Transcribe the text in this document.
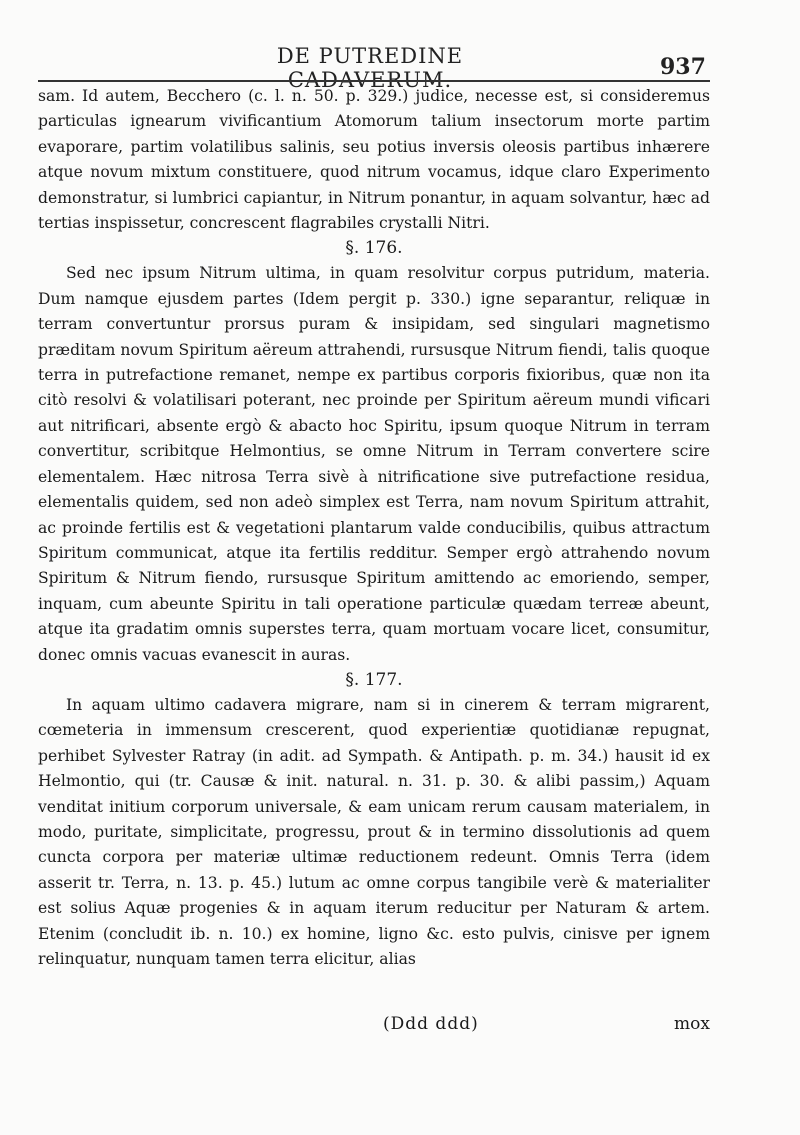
DE PUTREDINE CADAVERUM.	937

sam. Id autem, Becchero (c. l. n. 50. p. 329.) judice, necesse est, si consideremus particulas ignearum vivificantium Atomorum talium insectorum morte partim evaporare, partim volatilibus salinis, seu potius inversis oleosis partibus inhærere atque novum mixtum constituere, quod nitrum vocamus, idque claro Experimento demonstratur, si lumbrici capiantur, in Nitrum ponantur, in aquam solvantur, hæc ad tertias inspissetur, concrescent flagrabiles crystalli Nitri.

§. 176.

Sed nec ipsum Nitrum ultima, in quam resolvitur corpus putridum, materia. Dum namque ejusdem partes (Idem pergit p. 330.) igne separantur, reliquæ in terram convertuntur prorsus puram & insipidam, sed singulari magnetismo præditam novum Spiritum aëreum attrahendi, rursusque Nitrum fiendi, talis quoque terra in putrefactione remanet, nempe ex partibus corporis fixioribus, quæ non ita citò resolvi & volatilisari poterant, nec proinde per Spiritum aëreum mundi vificari aut nitrificari, absente ergò & abacto hoc Spiritu, ipsum quoque Nitrum in terram convertitur, scribitque Helmontius, se omne Nitrum in Terram convertere scire elementalem. Hæc nitrosa Terra sivè à nitrificatione sive putrefactione residua, elementalis quidem, sed non adeò simplex est Terra, nam novum Spiritum attrahit, ac proinde fertilis est & vegetationi plantarum valde conducibilis, quibus attractum Spiritum communicat, atque ita fertilis redditur. Semper ergò attrahendo novum Spiritum & Nitrum fiendo, rursusque Spiritum amittendo ac emoriendo, semper, inquam, cum abeunte Spiritu in tali operatione particulæ quædam terreæ abeunt, atque ita gradatim omnis superstes terra, quam mortuam vocare licet, consumitur, donec omnis vacuas evanescit in auras.

§. 177.

In aquam ultimo cadavera migrare, nam si in cinerem & terram migrarent, cœmeteria in immensum crescerent, quod experientiæ quotidianæ repugnat, perhibet Sylvester Ratray (in adit. ad Sympath. & Antipath. p. m. 34.) hausit id ex Helmontio, qui (tr. Causæ & init. natural. n. 31. p. 30. & alibi passim,) Aquam venditat initium corporum universale, & eam unicam rerum causam materialem, in modo, puritate, simplicitate, progressu, prout & in termino dissolutionis ad quem cuncta corpora per materiæ ultimæ reductionem redeunt. Omnis Terra (idem asserit tr. Terra, n. 13. p. 45.) lutum ac omne corpus tangibile verè & materialiter est solius Aquæ progenies & in aquam iterum reducitur per Naturam & artem. Etenim (concludit ib. n. 10.) ex homine, ligno &c. esto pulvis, cinisve per ignem relinquatur, nunquam tamen terra elicitur, alias

(Ddd ddd)	mox
